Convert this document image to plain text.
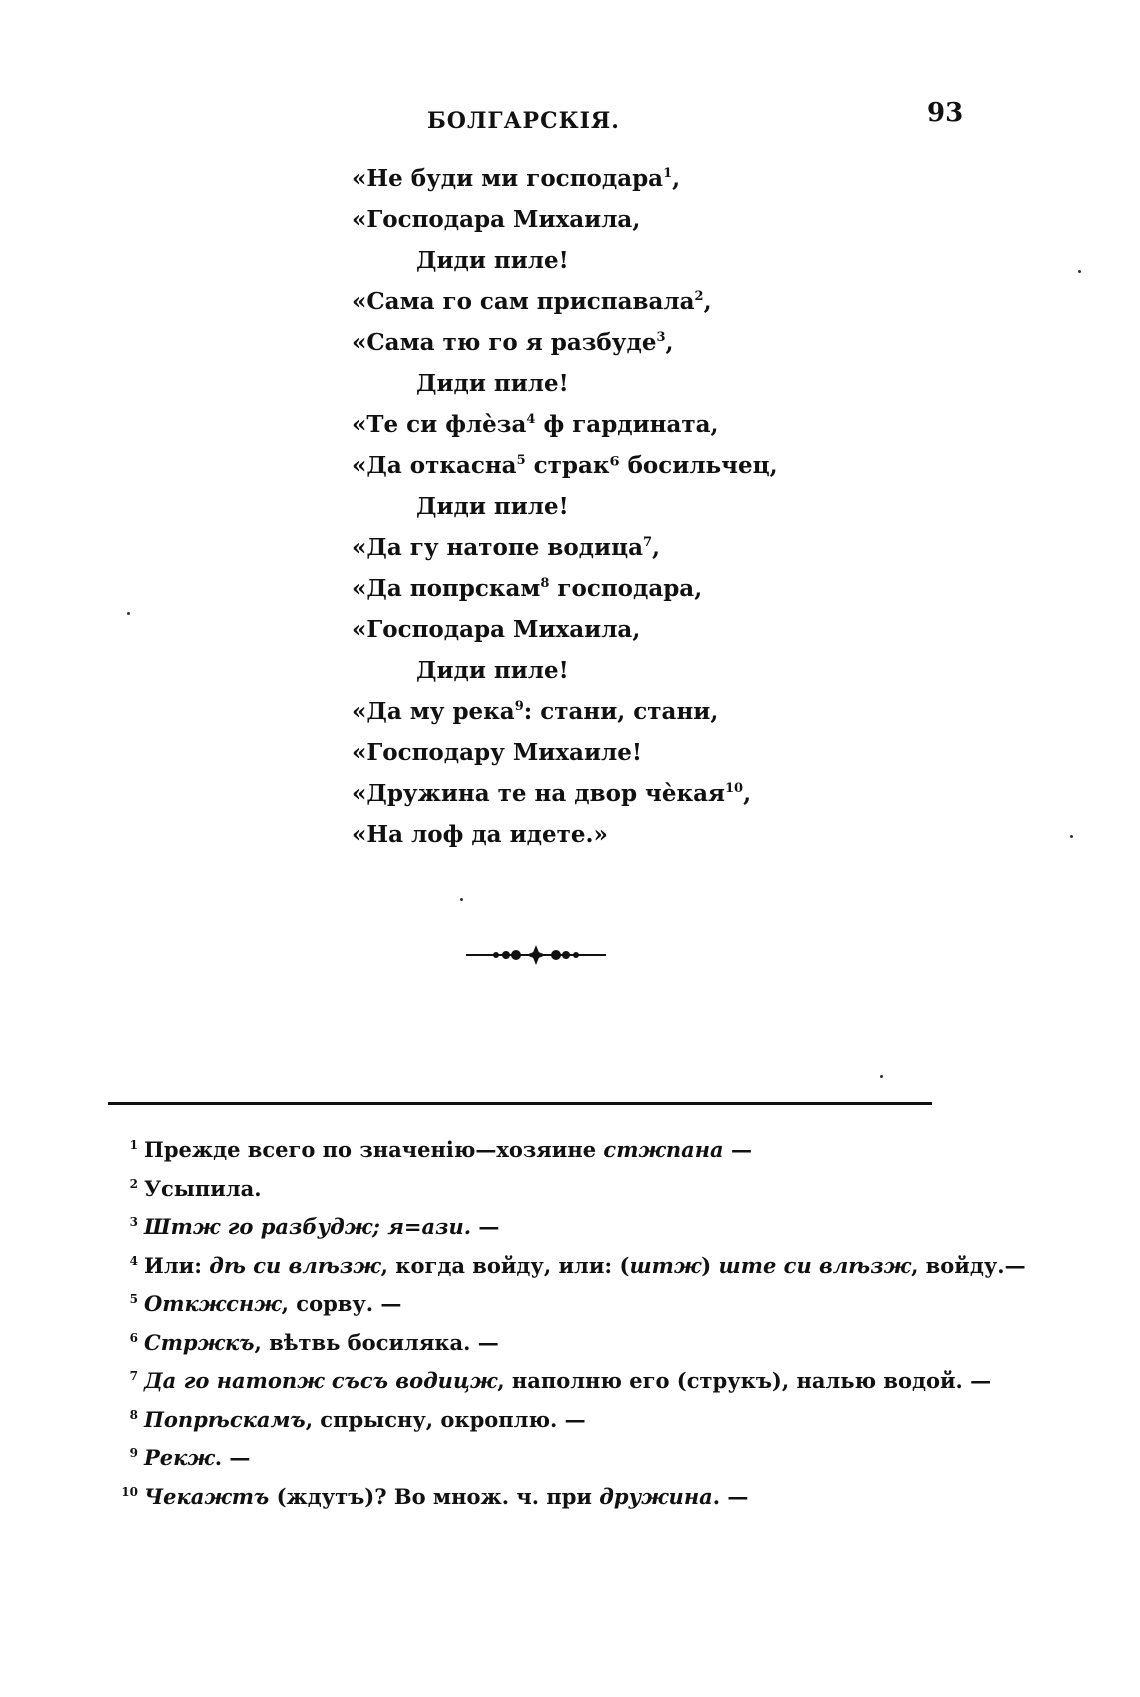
БОЛГАРСКІЯ.	93
«Не буди ми господара$^1$,
«Господара Михаила,
Диди пиле!
«Сама го сам приспавала$^2$,
«Сама тю го я разбуде$^3$,
Диди пиле!
«Те си флѐза$^4$ ф гардината,
«Да откасна$^5$ страк⁶ босильчец,
Диди пиле!
«Да гу натопе водица$^7$,
«Да попрскам$^8$ господара,
«Господара Михаила,
Диди пиле!
«Да му река$^9$: стани, стани,
«Господару Михаиле!
«Дружина те на двор чѐкая$^{10}$,
«На лоф да идете.»
1 Прежде всего по значенію—хозяине стжпана —
2 Усыпила.
3 Штж го разбудж; я=ази. —
4 Или: дѣ си влѣзж, когда войду, или: (штж) ште си влѣзж, войду.—
5 Откжснж, сорву. —
6 Стржкъ, вѣтвь босиляка. —
7 Да го натопж съсъ водицж, наполню его (струкъ), налью водой. —
8 Попрѣскамъ, спрысну, окроплю. —
9 Рекж. —
10 Чекажтъ (ждутъ)? Во множ. ч. при дружина. —
